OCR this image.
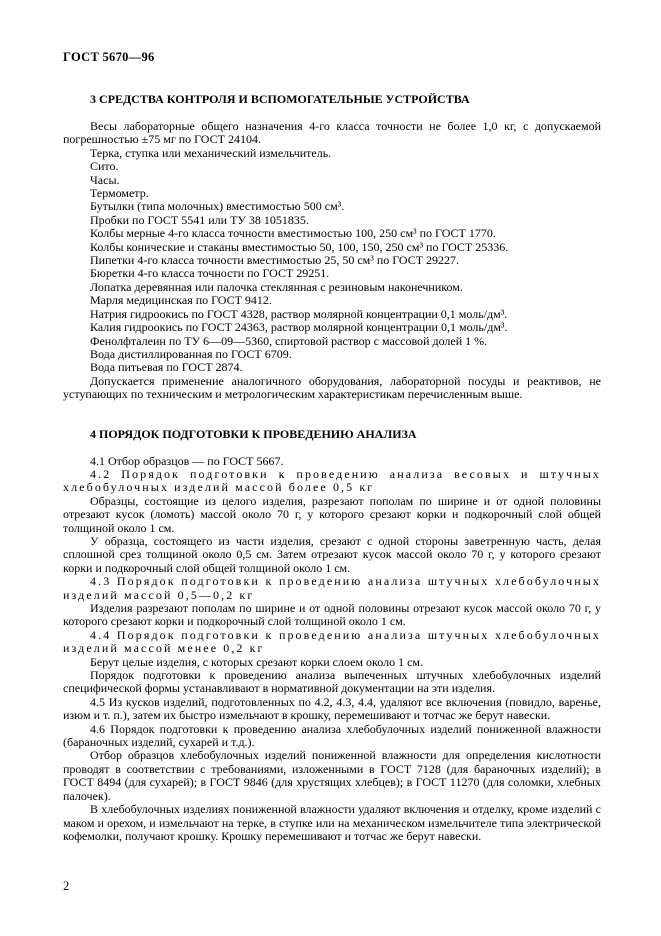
ГОСТ 5670—96
3 СРЕДСТВА КОНТРОЛЯ И ВСПОМОГАТЕЛЬНЫЕ УСТРОЙСТВА

Весы лабораторные общего назначения 4-го класса точности не более 1,0 кг, с допускаемой погрешностью ±75 мг по ГОСТ 24104.

Терка, ступка или механический измельчитель.

Сито.

Часы.

Термометр.

Бутылки (типа молочных) вместимостью 500 см³.

Пробки по ГОСТ 5541 или ТУ 38 1051835.

Колбы мерные 4-го класса точности вместимостью 100, 250 см³ по ГОСТ 1770.

Колбы конические и стаканы вместимостью 50, 100, 150, 250 см³ по ГОСТ 25336.

Пипетки 4-го класса точности вместимостью 25, 50 см³ по ГОСТ 29227.

Бюретки 4-го класса точности по ГОСТ 29251.

Лопатка деревянная или палочка стеклянная с резиновым наконечником.

Марля медицинская по ГОСТ 9412.

Натрия гидроокись по ГОСТ 4328, раствор молярной концентрации 0,1 моль/дм³.

Калия гидроокись по ГОСТ 24363, раствор молярной концентрации 0,1 моль/дм³.

Фенолфталеин по ТУ 6—09—5360, спиртовой раствор с массовой долей 1 %.

Вода дистиллированная по ГОСТ 6709.

Вода питьевая по ГОСТ 2874.

Допускается применение аналогичного оборудования, лабораторной посуды и реактивов, не уступающих по техническим и метрологическим характеристикам перечисленным выше.

4 ПОРЯДОК ПОДГОТОВКИ К ПРОВЕДЕНИЮ АНАЛИЗА

4.1 Отбор образцов — по ГОСТ 5667.

4.2 Порядок подготовки к проведению анализа весовых и штучных хлебобулочных изделий массой более 0,5 кг

Образцы, состоящие из целого изделия, разрезают пополам по ширине и от одной половины отрезают кусок (ломоть) массой около 70 г, у которого срезают корки и подкорочный слой общей толщиной около 1 см.

У образца, состоящего из части изделия, срезают с одной стороны заветренную часть, делая сплошной срез толщиной около 0,5 см. Затем отрезают кусок массой около 70 г, у которого срезают корки и подкорочный слой общей толщиной около 1 см.

4.3 Порядок подготовки к проведению анализа штучных хлебобулочных изделий массой 0,5—0,2 кг

Изделия разрезают пополам по ширине и от одной половины отрезают кусок массой около 70 г, у которого срезают корки и подкорочный слой толщиной около 1 см.

4.4 Порядок подготовки к проведению анализа штучных хлебобулочных изделий массой менее 0,2 кг

Берут целые изделия, с которых срезают корки слоем около 1 см.

Порядок подготовки к проведению анализа выпеченных штучных хлебобулочных изделий специфической формы устанавливают в нормативной документации на эти изделия.

4.5 Из кусков изделий, подготовленных по 4.2, 4.3, 4.4, удаляют все включения (повидло, варенье, изюм и т. п.), затем их быстро измельчают в крошку, перемешивают и тотчас же берут навески.

4.6 Порядок подготовки к проведению анализа хлебобулочных изделий пониженной влажности (бараночных изделий, сухарей и т.д.).

Отбор образцов хлебобулочных изделий пониженной влажности для определения кислотности проводят в соответствии с требованиями, изложенными в ГОСТ 7128 (для бараночных изделий); в ГОСТ 8494 (для сухарей); в ГОСТ 9846 (для хрустящих хлебцев); в ГОСТ 11270 (для соломки, хлебных палочек).

В хлебобулочных изделиях пониженной влажности удаляют включения и отделку, кроме изделий с маком и орехом, и измельчают на терке, в ступке или на механическом измельчителе типа электрической кофемолки, получают крошку. Крошку перемешивают и тотчас же берут навески.

2
